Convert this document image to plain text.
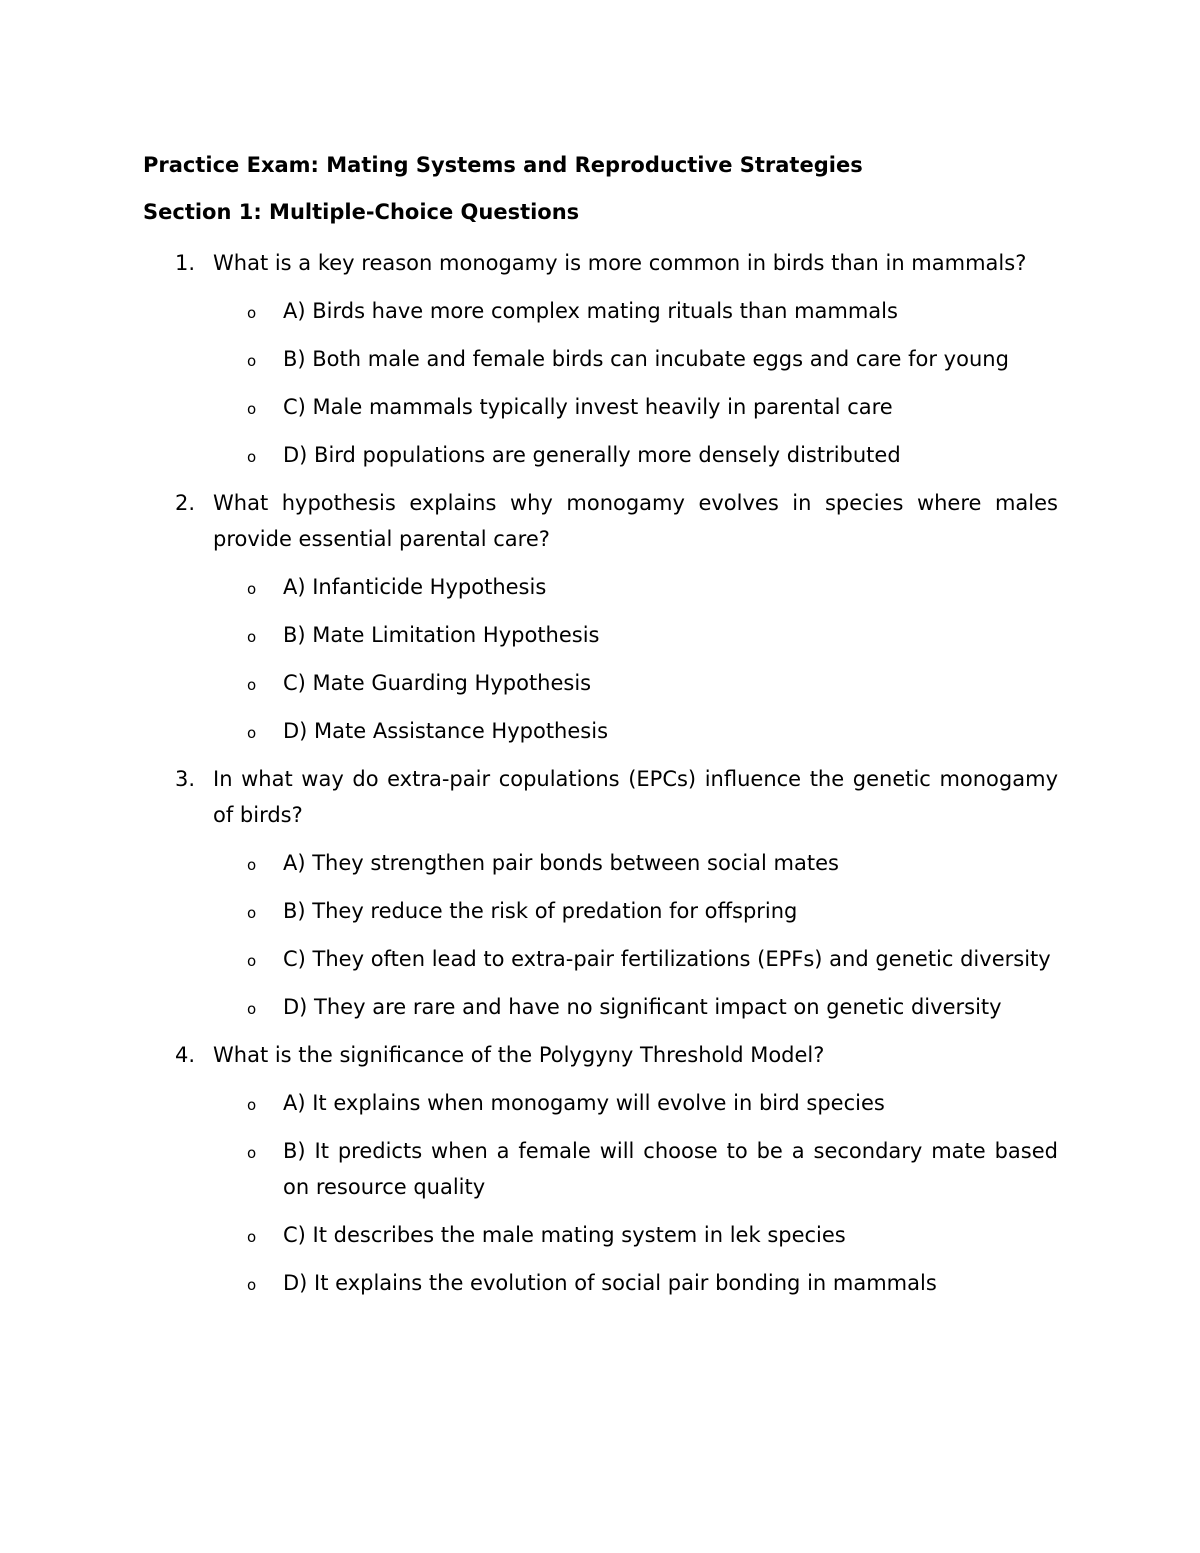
Practice Exam: Mating Systems and Reproductive Strategies
Section 1: Multiple-Choice Questions
1. What is a key reason monogamy is more common in birds than in mammals?
o A) Birds have more complex mating rituals than mammals
o B) Both male and female birds can incubate eggs and care for young
o C) Male mammals typically invest heavily in parental care
o D) Bird populations are generally more densely distributed
2. What hypothesis explains why monogamy evolves in species where males provide essential parental care?
o A) Infanticide Hypothesis
o B) Mate Limitation Hypothesis
o C) Mate Guarding Hypothesis
o D) Mate Assistance Hypothesis
3. In what way do extra-pair copulations (EPCs) influence the genetic monogamy of birds?
o A) They strengthen pair bonds between social mates
o B) They reduce the risk of predation for offspring
o C) They often lead to extra-pair fertilizations (EPFs) and genetic diversity
o D) They are rare and have no significant impact on genetic diversity
4. What is the significance of the Polygyny Threshold Model?
o A) It explains when monogamy will evolve in bird species
o B) It predicts when a female will choose to be a secondary mate based on resource quality
o C) It describes the male mating system in lek species
o D) It explains the evolution of social pair bonding in mammals
